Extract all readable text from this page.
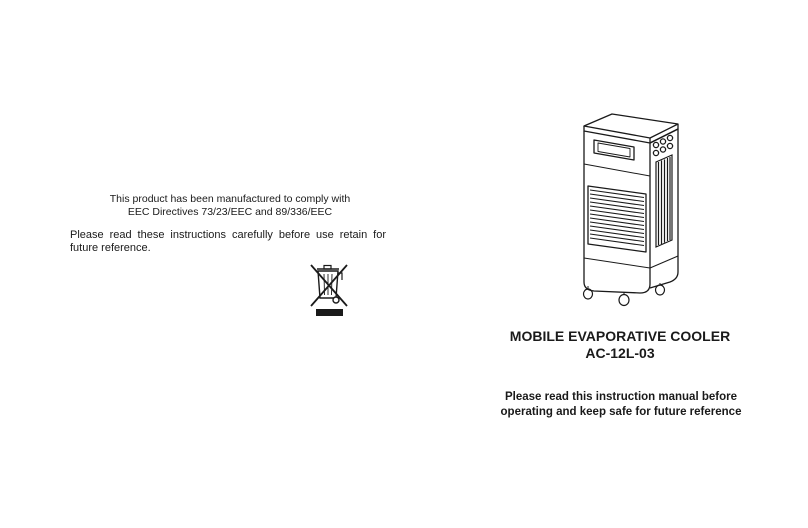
This product has been manufactured to comply with
EEC Directives 73/23/EEC and 89/336/EEC
Please read these instructions carefully before use retain for future reference.
MOBILE EVAPORATIVE COOLER
AC-12L-03
Please read this instruction manual before
operating and keep safe for future reference
